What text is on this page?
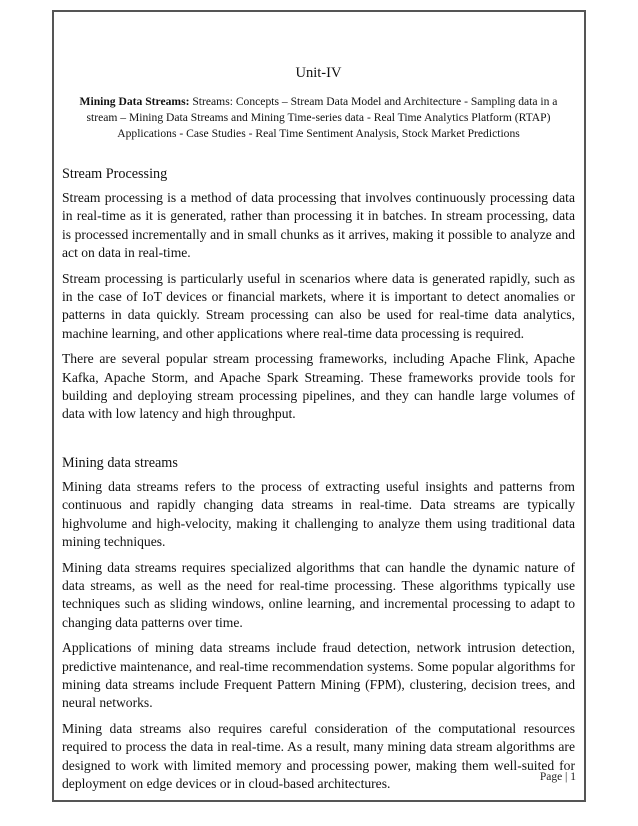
Unit-IV
Mining Data Streams: Streams: Concepts – Stream Data Model and Architecture - Sampling data in a stream – Mining Data Streams and Mining Time-series data - Real Time Analytics Platform (RTAP) Applications - Case Studies - Real Time Sentiment Analysis, Stock Market Predictions
Stream Processing

Stream processing is a method of data processing that involves continuously processing data in real-time as it is generated, rather than processing it in batches. In stream processing, data is processed incrementally and in small chunks as it arrives, making it possible to analyze and act on data in real-time.

Stream processing is particularly useful in scenarios where data is generated rapidly, such as in the case of IoT devices or financial markets, where it is important to detect anomalies or patterns in data quickly. Stream processing can also be used for real-time data analytics, machine learning, and other applications where real-time data processing is required.

There are several popular stream processing frameworks, including Apache Flink, Apache Kafka, Apache Storm, and Apache Spark Streaming. These frameworks provide tools for building and deploying stream processing pipelines, and they can handle large volumes of data with low latency and high throughput.

Mining data streams

Mining data streams refers to the process of extracting useful insights and patterns from continuous and rapidly changing data streams in real-time. Data streams are typically highvolume and high-velocity, making it challenging to analyze them using traditional data mining techniques.

Mining data streams requires specialized algorithms that can handle the dynamic nature of data streams, as well as the need for real-time processing. These algorithms typically use techniques such as sliding windows, online learning, and incremental processing to adapt to changing data patterns over time.

Applications of mining data streams include fraud detection, network intrusion detection, predictive maintenance, and real-time recommendation systems. Some popular algorithms for mining data streams include Frequent Pattern Mining (FPM), clustering, decision trees, and neural networks.

Mining data streams also requires careful consideration of the computational resources required to process the data in real-time. As a result, many mining data stream algorithms are designed to work with limited memory and processing power, making them well-suited for deployment on edge devices or in cloud-based architectures.	Page | 1
